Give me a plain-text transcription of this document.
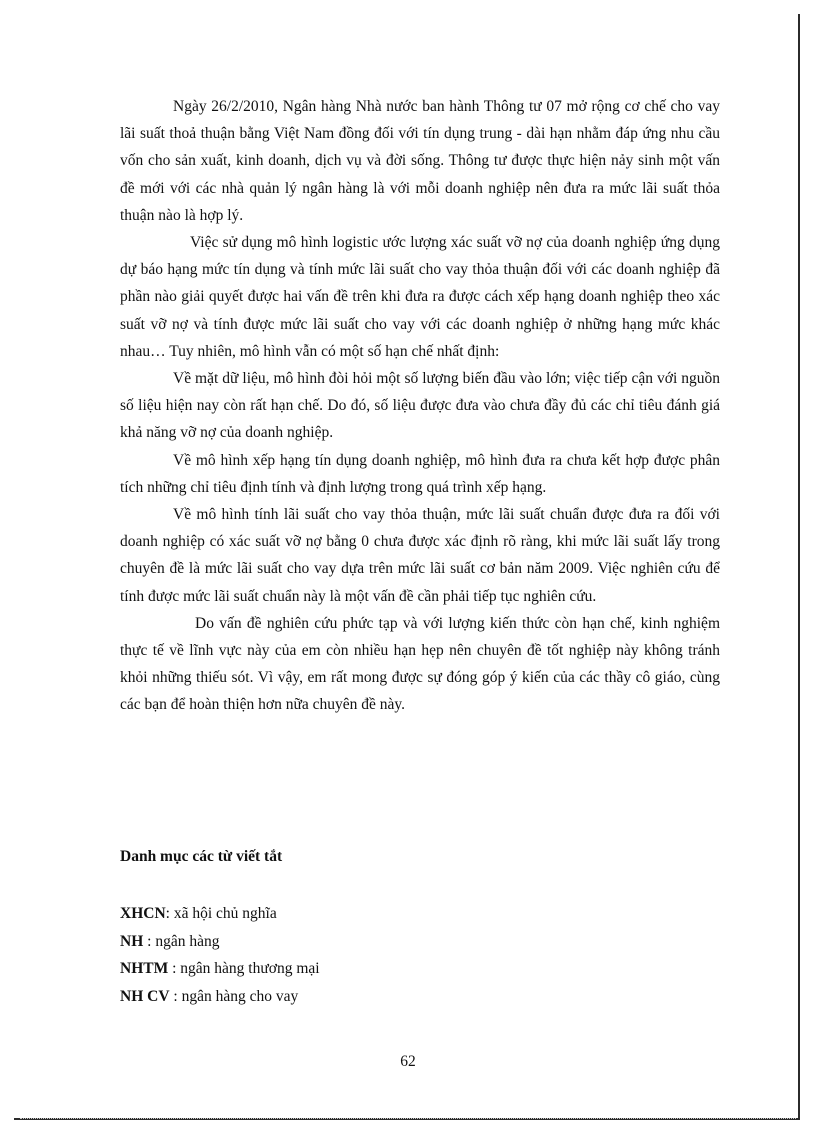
Ngày 26/2/2010, Ngân hàng Nhà nước ban hành Thông tư 07 mở rộng cơ chế cho vay lãi suất thoả thuận bằng Việt Nam đồng đối với tín dụng trung - dài hạn nhằm đáp ứng nhu cầu vốn cho sản xuất, kinh doanh, dịch vụ và đời sống. Thông tư được thực hiện nảy sinh một vấn đề mới với các nhà quản lý ngân hàng là với mỗi doanh nghiệp nên đưa ra mức lãi suất thỏa thuận nào là hợp lý.

Việc sử dụng mô hình logistic ước lượng xác suất vỡ nợ của doanh nghiệp ứng dụng dự báo hạng mức tín dụng và tính mức lãi suất cho vay thỏa thuận đối với các doanh nghiệp đã phần nào giải quyết được hai vấn đề trên khi đưa ra được cách xếp hạng doanh nghiệp theo xác suất vỡ nợ và tính được mức lãi suất cho vay với các doanh nghiệp ở những hạng mức khác nhau… Tuy nhiên, mô hình vẫn có một số hạn chế nhất định:

Về mặt dữ liệu, mô hình đòi hỏi một số lượng biến đầu vào lớn; việc tiếp cận với nguồn số liệu hiện nay còn rất hạn chế. Do đó, số liệu được đưa vào chưa đầy đủ các chỉ tiêu đánh giá khả năng vỡ nợ của doanh nghiệp.

Về mô hình xếp hạng tín dụng doanh nghiệp, mô hình đưa ra chưa kết hợp được phân tích những chỉ tiêu định tính và định lượng trong quá trình xếp hạng.

Về mô hình tính lãi suất cho vay thỏa thuận, mức lãi suất chuẩn được đưa ra đối với doanh nghiệp có xác suất vỡ nợ bằng 0 chưa được xác định rõ ràng, khi mức lãi suất lấy trong chuyên đề là mức lãi suất cho vay dựa trên mức lãi suất cơ bản năm 2009. Việc nghiên cứu để tính được mức lãi suất chuẩn này là một vấn đề cần phải tiếp tục nghiên cứu.

Do vấn đề nghiên cứu phức tạp và với lượng kiến thức còn hạn chế, kinh nghiệm thực tế về lĩnh vực này của em còn nhiều hạn hẹp nên chuyên đề tốt nghiệp này không tránh khỏi những thiếu sót. Vì vậy, em rất mong được sự đóng góp ý kiến của các thầy cô giáo, cùng các bạn để hoàn thiện hơn nữa chuyên đề này.

Danh mục các từ viết tắt
XHCN: xã hội chủ nghĩa
NH : ngân hàng
NHTM : ngân hàng thương mại
NH CV : ngân hàng cho vay
62
